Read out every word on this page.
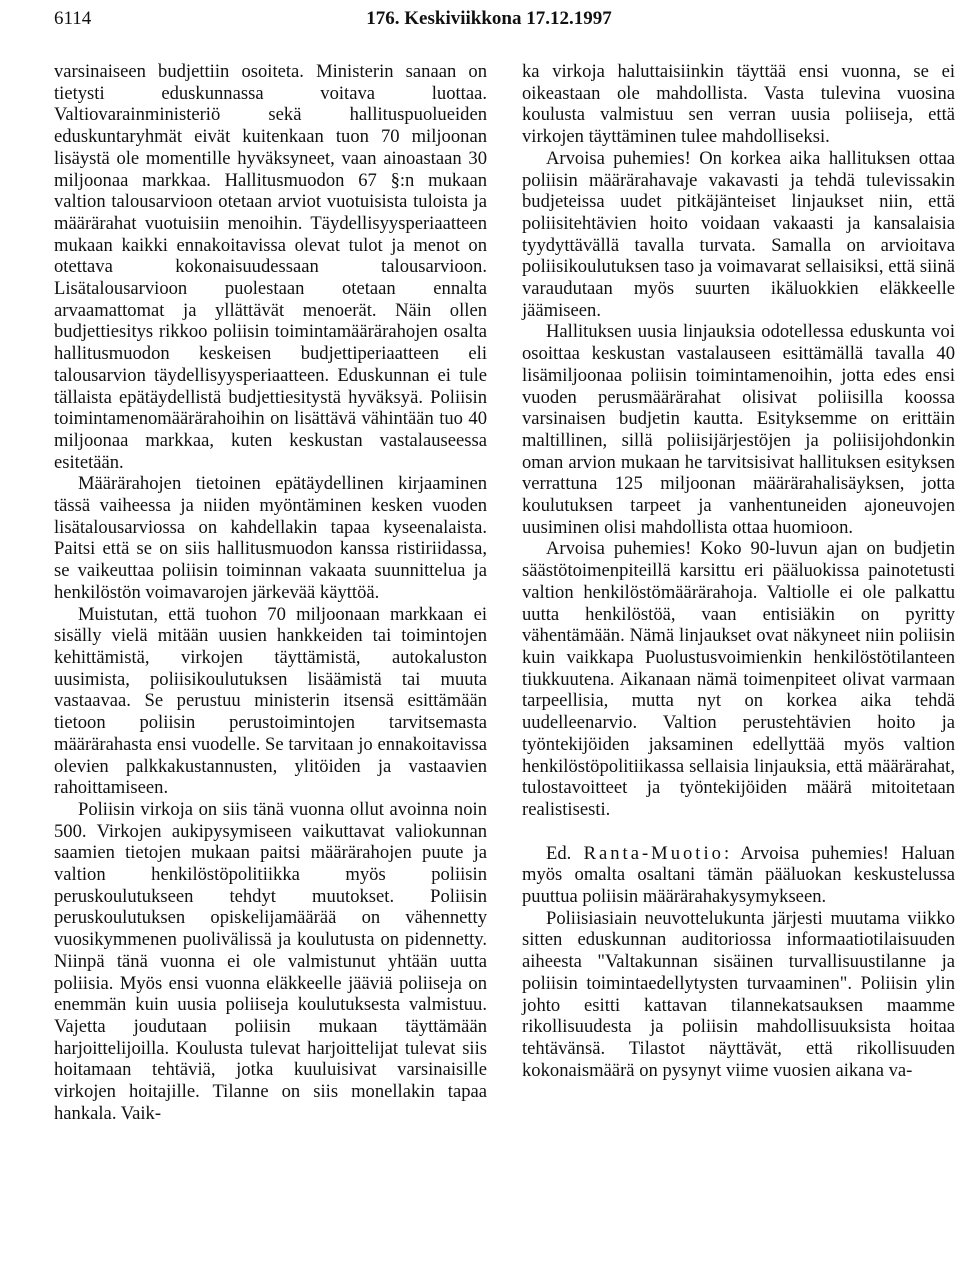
6114	176. Keskiviikkona 17.12.1997

varsinaiseen budjettiin osoiteta. Ministerin sanaan on tietysti eduskunnassa voitava luottaa. Valtiovarainministeriö sekä hallituspuolueiden eduskuntaryhmät eivät kuitenkaan tuon 70 miljoonan lisäystä ole momentille hyväksyneet, vaan ainoastaan 30 miljoonaa markkaa. Hallitusmuodon 67 §:n mukaan valtion talousarvioon otetaan arviot vuotuisista tuloista ja määrärahat vuotuisiin menoihin. Täydellisyysperiaatteen mukaan kaikki ennakoitavissa olevat tulot ja menot on otettava kokonaisuudessaan talousarvioon. Lisätalousarvioon puolestaan otetaan ennalta arvaamattomat ja yllättävät menoerät. Näin ollen budjettiesitys rikkoo poliisin toimintamäärärahojen osalta hallitusmuodon keskeisen budjettiperiaatteen eli talousarvion täydellisyysperiaatteen. Eduskunnan ei tule tällaista epätäydellistä budjettiesitystä hyväksyä. Poliisin toimintamenomäärärahoihin on lisättävä vähintään tuo 40 miljoonaa markkaa, kuten keskustan vastalauseessa esitetään.

Määrärahojen tietoinen epätäydellinen kirjaaminen tässä vaiheessa ja niiden myöntäminen kesken vuoden lisätalousarviossa on kahdellakin tapaa kyseenalaista. Paitsi että se on siis hallitusmuodon kanssa ristiriidassa, se vaikeuttaa poliisin toiminnan vakaata suunnittelua ja henkilöstön voimavarojen järkevää käyttöä.

Muistutan, että tuohon 70 miljoonaan markkaan ei sisälly vielä mitään uusien hankkeiden tai toimintojen kehittämistä, virkojen täyttämistä, autokaluston uusimista, poliisikoulutuksen lisäämistä tai muuta vastaavaa. Se perustuu ministerin itsensä esittämään tietoon poliisin perustoimintojen tarvitsemasta määrärahasta ensi vuodelle. Se tarvitaan jo ennakoitavissa olevien palkkakustannusten, ylitöiden ja vastaavien rahoittamiseen.

Poliisin virkoja on siis tänä vuonna ollut avoinna noin 500. Virkojen aukipysymiseen vaikuttavat valiokunnan saamien tietojen mukaan paitsi määrärahojen puute ja valtion henkilöstöpolitiikka myös poliisin peruskoulutukseen tehdyt muutokset. Poliisin peruskoulutuksen opiskelijamäärää on vähennetty vuosikymmenen puolivälissä ja koulutusta on pidennetty. Niinpä tänä vuonna ei ole valmistunut yhtään uutta poliisia. Myös ensi vuonna eläkkeelle jääviä poliiseja on enemmän kuin uusia poliiseja koulutuksesta valmistuu. Vajetta joudutaan poliisin mukaan täyttämään harjoittelijoilla. Koulusta tulevat harjoittelijat tulevat siis hoitamaan tehtäviä, jotka kuuluisivat varsinaisille virkojen hoitajille. Tilanne on siis monellakin tapaa hankala. Vaik-

ka virkoja haluttaisiinkin täyttää ensi vuonna, se ei oikeastaan ole mahdollista. Vasta tulevina vuosina koulusta valmistuu sen verran uusia poliiseja, että virkojen täyttäminen tulee mahdolliseksi.

Arvoisa puhemies! On korkea aika hallituksen ottaa poliisin määrärahavaje vakavasti ja tehdä tulevissakin budjeteissa uudet pitkäjänteiset linjaukset niin, että poliisitehtävien hoito voidaan vakaasti ja kansalaisia tyydyttävällä tavalla turvata. Samalla on arvioitava poliisikoulutuksen taso ja voimavarat sellaisiksi, että siinä varaudutaan myös suurten ikäluokkien eläkkeelle jäämiseen.

Hallituksen uusia linjauksia odotellessa eduskunta voi osoittaa keskustan vastalauseen esittämällä tavalla 40 lisämiljoonaa poliisin toimintamenoihin, jotta edes ensi vuoden perusmäärärahat olisivat poliisilla koossa varsinaisen budjetin kautta. Esityksemme on erittäin maltillinen, sillä poliisijärjestöjen ja poliisijohdonkin oman arvion mukaan he tarvitsisivat hallituksen esityksen verrattuna 125 miljoonan määrärahalisäyksen, jotta koulutuksen tarpeet ja vanhentuneiden ajoneuvojen uusiminen olisi mahdollista ottaa huomioon.

Arvoisa puhemies! Koko 90-luvun ajan on budjetin säästötoimenpiteillä karsittu eri pääluokissa painotetusti valtion henkilöstömäärärahoja. Valtiolle ei ole palkattu uutta henkilöstöä, vaan entisiäkin on pyritty vähentämään. Nämä linjaukset ovat näkyneet niin poliisin kuin vaikkapa Puolustusvoimienkin henkilöstötilanteen tiukkuutena. Aikanaan nämä toimenpiteet olivat varmaan tarpeellisia, mutta nyt on korkea aika tehdä uudelleenarvio. Valtion perustehtävien hoito ja työntekijöiden jaksaminen edellyttää myös valtion henkilöstöpolitiikassa sellaisia linjauksia, että määrärahat, tulostavoitteet ja työntekijöiden määrä mitoitetaan realistisesti.

Ed. Ranta-Muotio: Arvoisa puhemies! Haluan myös omalta osaltani tämän pääluokan keskustelussa puuttua poliisin määrärahakysymykseen.

Poliisiasiain neuvottelukunta järjesti muutama viikko sitten eduskunnan auditoriossa informaatiotilaisuuden aiheesta "Valtakunnan sisäinen turvallisuustilanne ja poliisin toimintaedellytysten turvaaminen". Poliisin ylin johto esitti kattavan tilannekatsauksen maamme rikollisuudesta ja poliisin mahdollisuuksista hoitaa tehtävänsä. Tilastot näyttävät, että rikollisuuden kokonaismäärä on pysynyt viime vuosien aikana va-
